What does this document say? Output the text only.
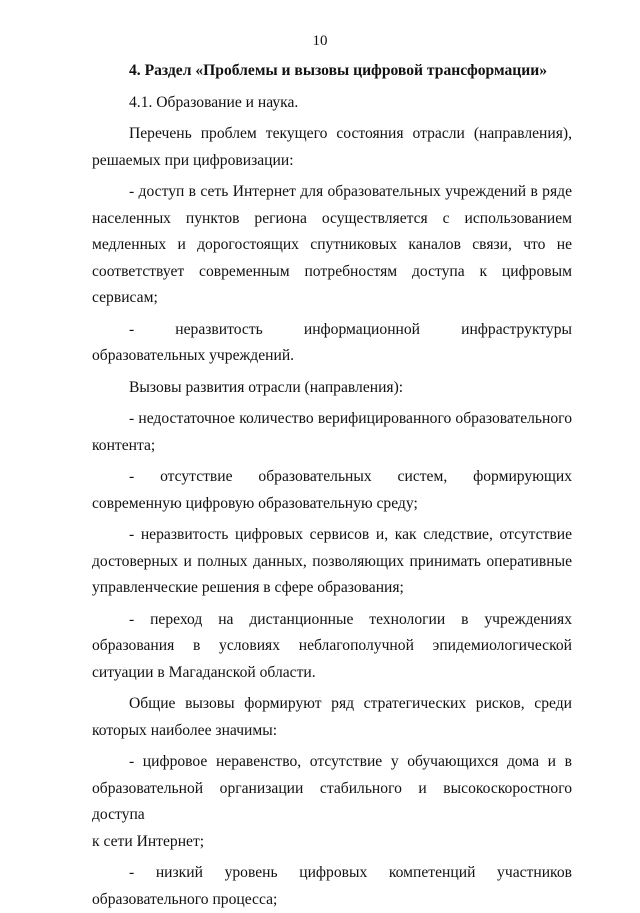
10

4. Раздел «Проблемы и вызовы цифровой трансформации»

4.1. Образование и наука.

Перечень проблем текущего состояния отрасли (направления), решаемых при цифровизации:

- доступ в сеть Интернет для образовательных учреждений в ряде населенных пунктов региона осуществляется с использованием медленных и дорогостоящих спутниковых каналов связи, что не соответствует современным потребностям доступа к цифровым сервисам;

- неразвитость информационной инфраструктуры образовательных учреждений.

Вызовы развития отрасли (направления):

- недостаточное количество верифицированного образовательного контента;

- отсутствие образовательных систем, формирующих современную цифровую образовательную среду;

- неразвитость цифровых сервисов и, как следствие, отсутствие достоверных и полных данных, позволяющих принимать оперативные управленческие решения в сфере образования;

- переход на дистанционные технологии в учреждениях образования в условиях неблагополучной эпидемиологической ситуации в Магаданской области.

Общие вызовы формируют ряд стратегических рисков, среди которых наиболее значимы:

- цифровое неравенство, отсутствие у обучающихся дома и в образовательной организации стабильного и высокоскоростного доступа

к сети Интернет;

- низкий уровень цифровых компетенций участников образовательного процесса;
